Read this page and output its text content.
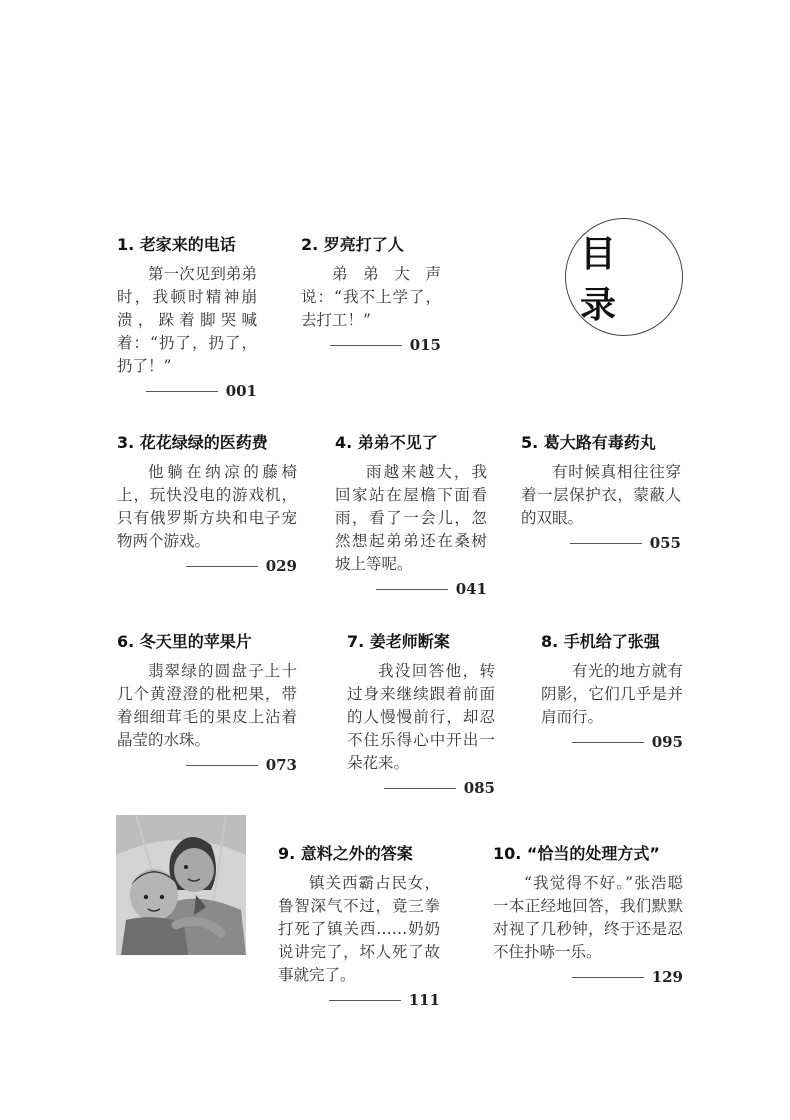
目 录
1. 老家来的电话
第一次见到弟弟时，我顿时精神崩溃，跺着脚哭喊着：“扔了，扔了，扔了！”
001
2. 罗亮打了人
弟弟大声说：“我不上学了，去打工！”
015
3. 花花绿绿的医药费
他躺在纳凉的藤椅上，玩快没电的游戏机，只有俄罗斯方块和电子宠物两个游戏。
029
4. 弟弟不见了
雨越来越大，我回家站在屋檐下面看雨，看了一会儿，忽然想起弟弟还在桑树坡上等呢。
041
5. 葛大路有毒药丸
有时候真相往往穿着一层保护衣，蒙蔽人的双眼。
055
6. 冬天里的苹果片
翡翠绿的圆盘子上十几个黄澄澄的枇杷果，带着细细茸毛的果皮上沾着晶莹的水珠。
073
7. 姜老师断案
我没回答他，转过身来继续跟着前面的人慢慢前行，却忍不住乐得心中开出一朵花来。
085
8. 手机给了张强
有光的地方就有阴影，它们几乎是并肩而行。
095
9. 意料之外的答案
镇关西霸占民女，鲁智深气不过，竟三拳打死了镇关西……奶奶说讲完了，坏人死了故事就完了。
111
10. “恰当的处理方式”
“我觉得不好。”张浩聪一本正经地回答，我们默默对视了几秒钟，终于还是忍不住扑哧一乐。
129
